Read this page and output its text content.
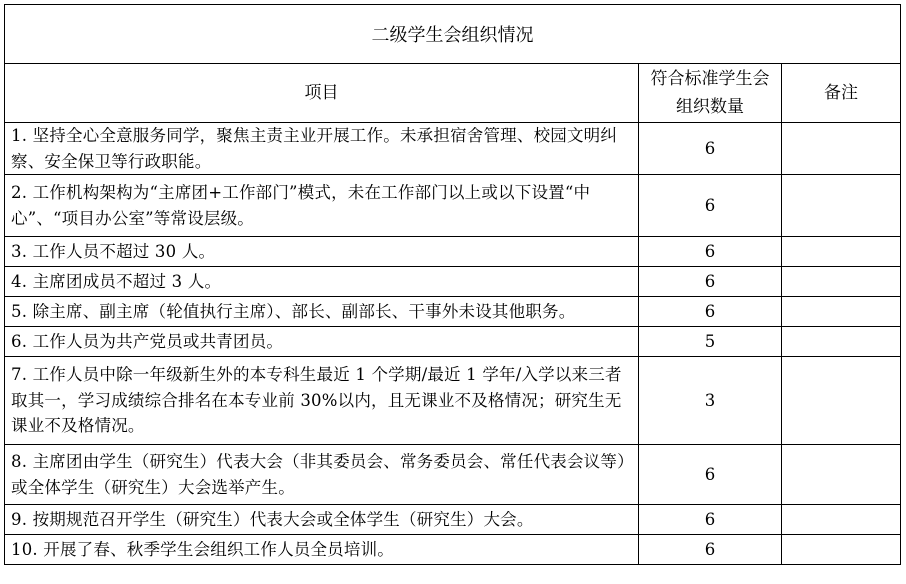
二级学生会组织情况		
项目	符合标准学生会组织数量	备注
1. 坚持全心全意服务同学，聚焦主责主业开展工作。未承担宿舍管理、校园文明纠察、安全保卫等行政职能。	6	
2. 工作机构架构为“主席团+工作部门”模式，未在工作部门以上或以下设置“中心”、“项目办公室”等常设层级。	6	
3. 工作人员不超过 30 人。	6	
4. 主席团成员不超过 3 人。	6	
5. 除主席、副主席（轮值执行主席）、部长、副部长、干事外未设其他职务。	6	
6. 工作人员为共产党员或共青团员。	5	
7. 工作人员中除一年级新生外的本专科生最近 1 个学期/最近 1 学年/入学以来三者取其一，学习成绩综合排名在本专业前 30%以内，且无课业不及格情况；研究生无课业不及格情况。	3	
8. 主席团由学生（研究生）代表大会（非其委员会、常务委员会、常任代表会议等）或全体学生（研究生）大会选举产生。	6	
9. 按期规范召开学生（研究生）代表大会或全体学生（研究生）大会。	6	
10. 开展了春、秋季学生会组织工作人员全员培训。	6	
